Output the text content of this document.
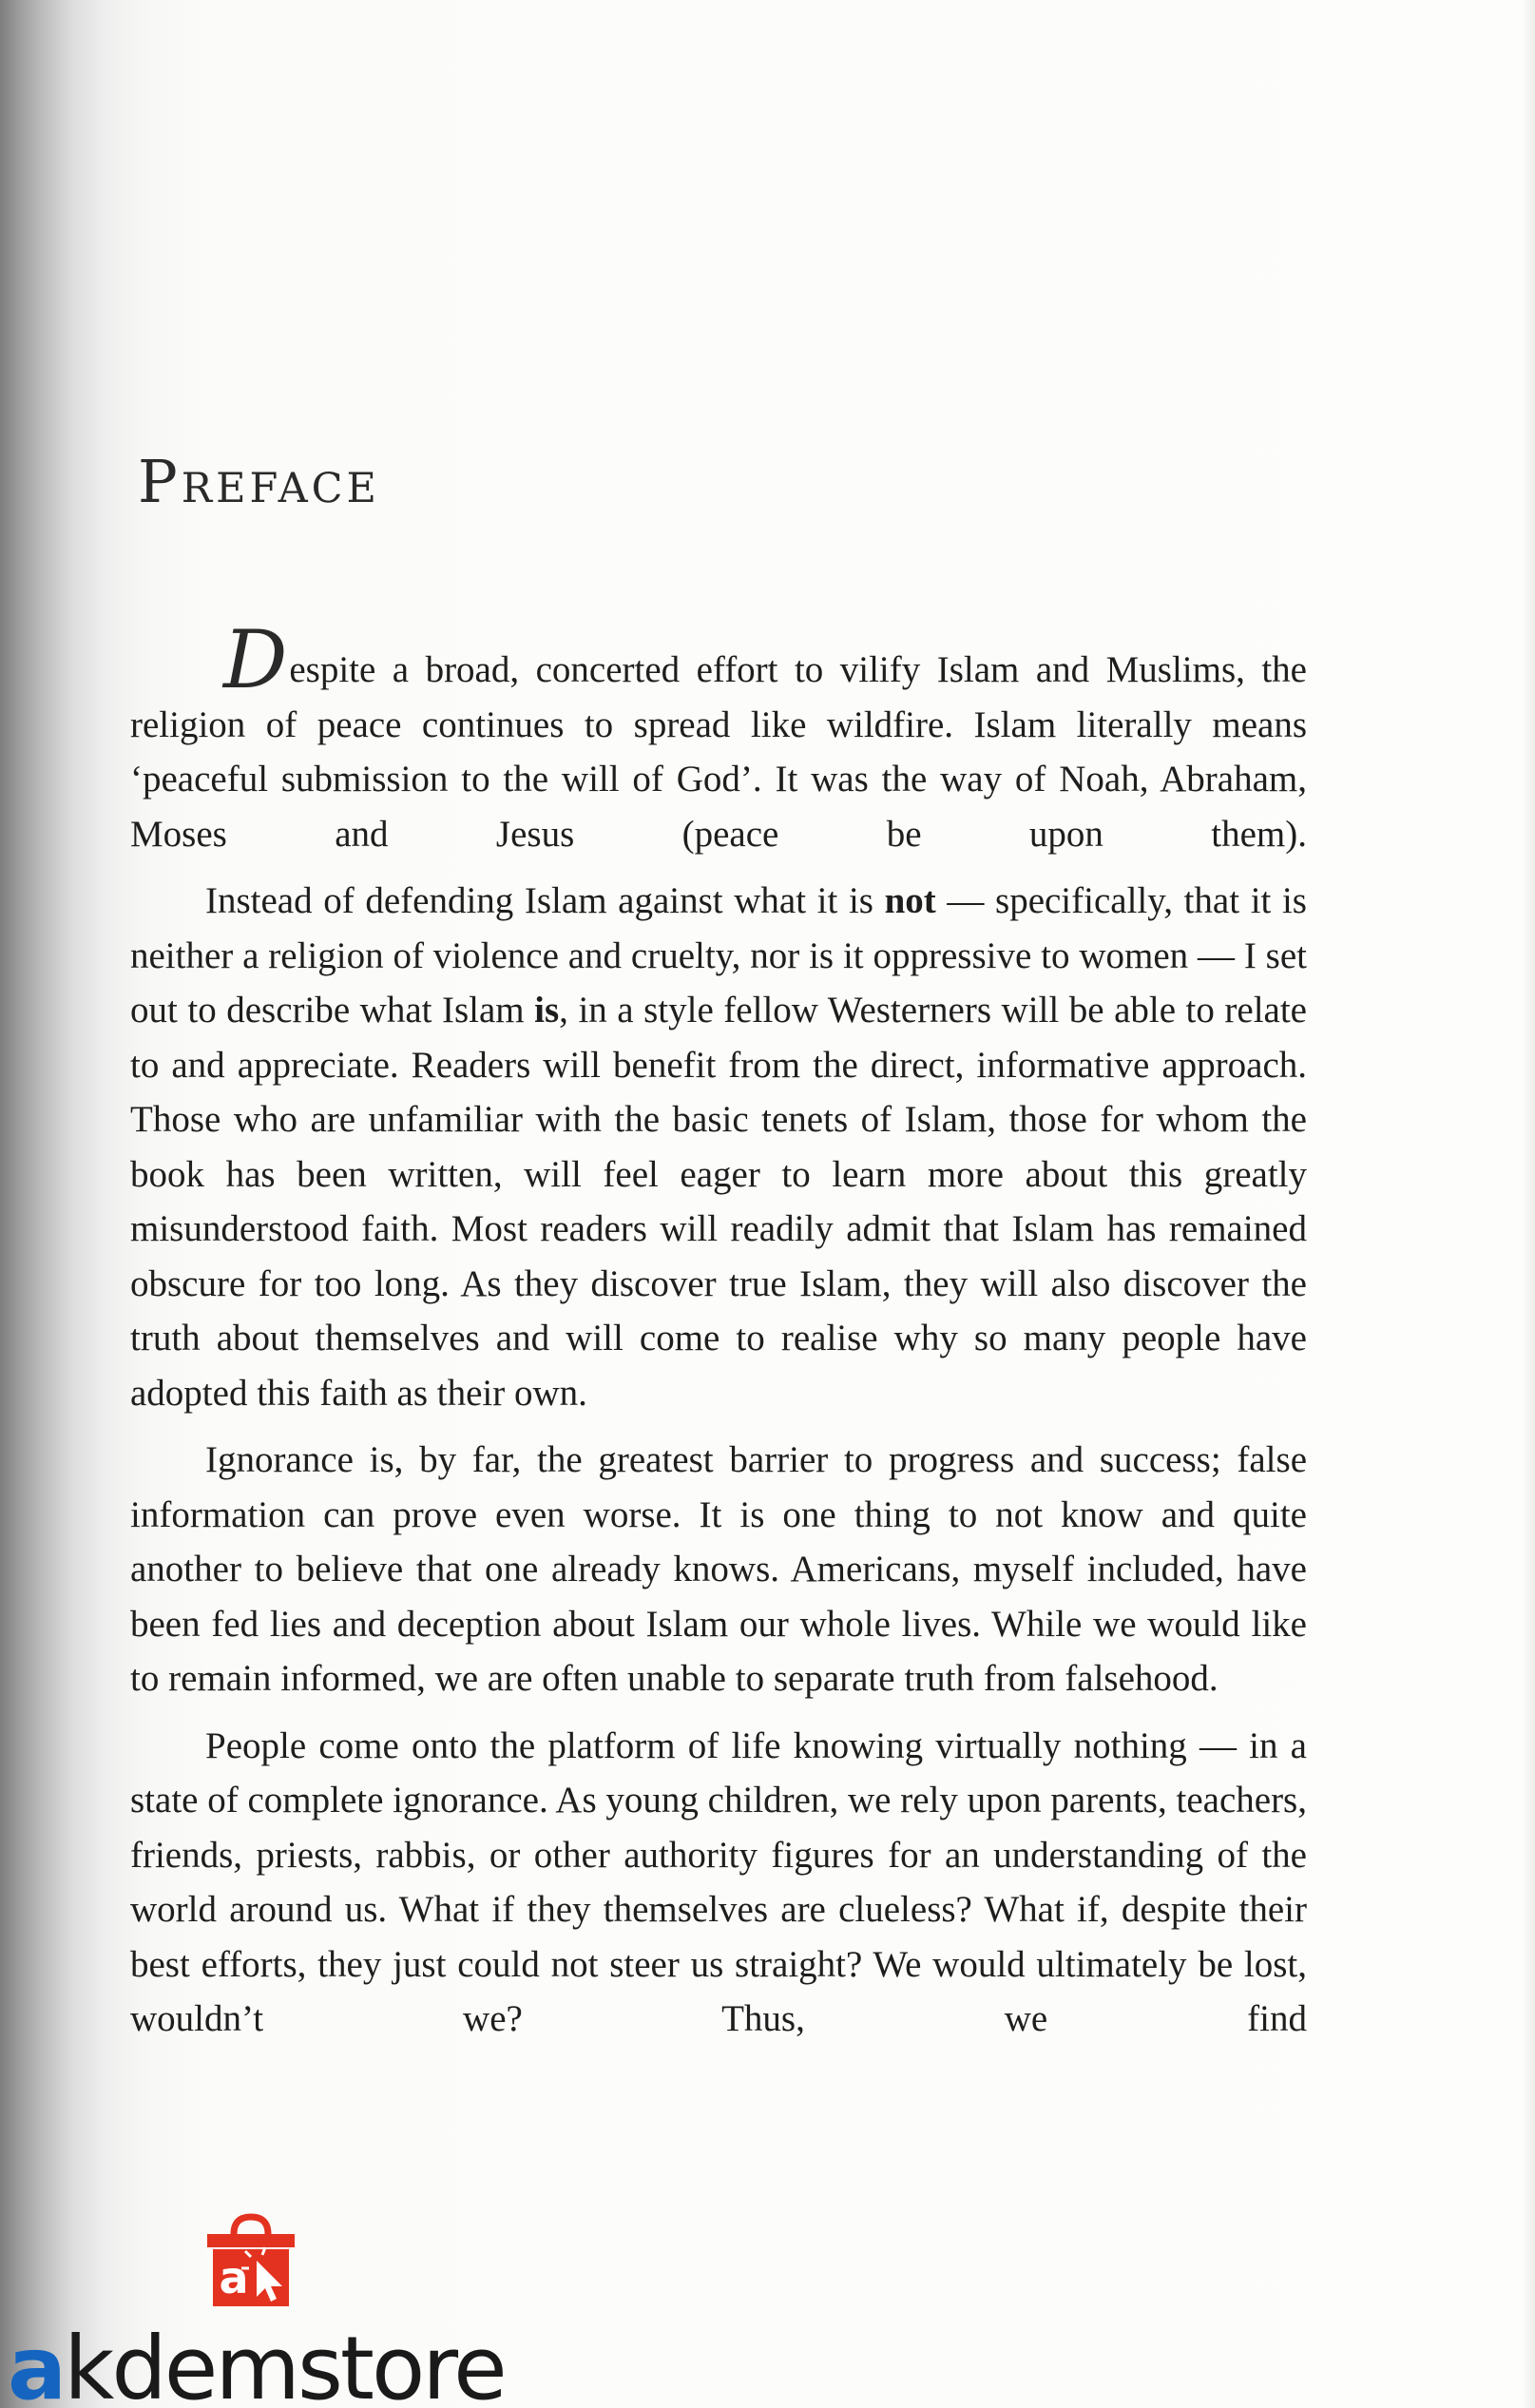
Preface

Despite a broad, concerted effort to vilify Islam and Muslims, the religion of peace continues to spread like wildfire. Islam literally means ‘peaceful submission to the will of God’. It was the way of Noah, Abraham, Moses and Jesus (peace be upon them).

Instead of defending Islam against what it is not — specifically, that it is neither a religion of violence and cruelty, nor is it oppressive to women — I set out to describe what Islam is, in a style fellow Westerners will be able to relate to and appreciate. Readers will benefit from the direct, informative approach. Those who are unfamiliar with the basic tenets of Islam, those for whom the book has been written, will feel eager to learn more about this greatly misunderstood faith. Most readers will readily admit that Islam has remained obscure for too long. As they discover true Islam, they will also discover the truth about themselves and will come to realise why so many people have adopted this faith as their own.

Ignorance is, by far, the greatest barrier to progress and success; false information can prove even worse. It is one thing to not know and quite another to believe that one already knows. Americans, myself included, have been fed lies and deception about Islam our whole lives. While we would like to remain informed, we are often unable to separate truth from falsehood.

People come onto the platform of life knowing virtually nothing — in a state of complete ignorance. As young children, we rely upon parents, teachers, friends, priests, rabbis, or other authority figures for an understanding of the world around us. What if they themselves are clueless? What if, despite their best efforts, they just could not steer us straight? We would ultimately be lost, wouldn’t we? Thus, we find

a
akdemstore
